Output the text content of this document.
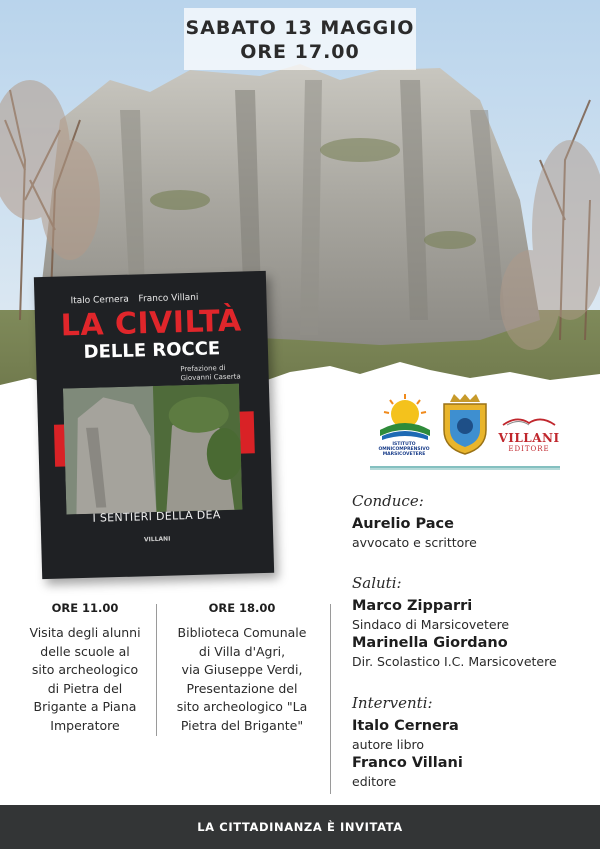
SABATO 13 MAGGIO
ORE 17.00
Italo Cernera Franco Villani
LA CIVILTÀ
DELLE ROCCE
Prefazione di
Giovanni Caserta
I SENTIERI DELLA DEA
VILLANI
ISTITUTO OMNICOMPRENSIVO MARSICOVETERE
VILLANI
EDITORE
Conduce:
Aurelio Pace
avvocato e scrittore
Saluti:
Marco Zipparri
Sindaco di Marsicovetere
Marinella Giordano
Dir. Scolastico I.C. Marsicovetere
Interventi:
Italo Cernera
autore libro
Franco Villani
editore
ORE 11.00
Visita degli alunni
delle scuole al
sito archeologico
di Pietra del
Brigante a Piana
Imperatore
ORE 18.00
Biblioteca Comunale
di Villa d'Agri,
via Giuseppe Verdi,
Presentazione del
sito archeologico "La
Pietra del Brigante"
LA CITTADINANZA È INVITATA
